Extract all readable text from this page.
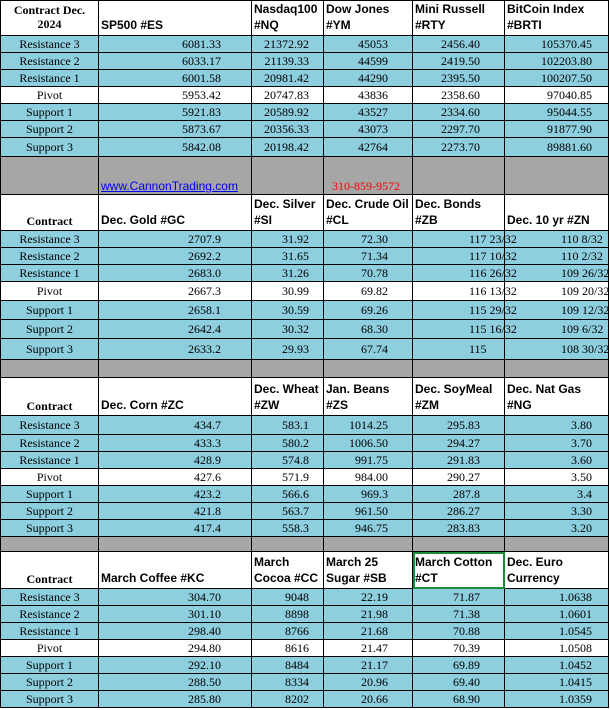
Contract Dec. 2024	SP500 #ES	Nasdaq100 #NQ	Dow Jones #YM	Mini Russell #RTY	BitCoin Index #BRTI
Resistance 3	6081.33	21372.92	45053	2456.40	105370.45
Resistance 2	6033.17	21139.33	44599	2419.50	102203.80
Resistance 1	6001.58	20981.42	44290	2395.50	100207.50
Pivot	5953.42	20747.83	43836	2358.60	97040.85
Support 1	5921.83	20589.92	43527	2334.60	95044.55
Support 2	5873.67	20356.33	43073	2297.70	91877.90
Support 3	5842.08	20198.42	42764	2273.70	89881.60
	www.CannonTrading.com		310-859-9572		
Contract	Dec. Gold #GC	Dec. Silver #SI	Dec. Crude Oil #CL	Dec. Bonds #ZB	Dec. 10 yr #ZN
Resistance 3	2707.9	31.92	72.30	117 23/32	110 8/32
Resistance 2	2692.2	31.65	71.34	117 10/32	110 2/32
Resistance 1	2683.0	31.26	70.78	116 26/32	109 26/32
Pivot	2667.3	30.99	69.82	116 13/32	109 20/32
Support 1	2658.1	30.59	69.26	115 29/32	109 12/32
Support 2	2642.4	30.32	68.30	115 16/32	109 6/32
Support 3	2633.2	29.93	67.74	115	108 30/32

Contract	Dec. Corn #ZC	Dec. Wheat #ZW	Jan. Beans #ZS	Dec. SoyMeal #ZM	Dec. Nat Gas #NG
Resistance 3	434.7	583.1	1014.25	295.83	3.80
Resistance 2	433.3	580.2	1006.50	294.27	3.70
Resistance 1	428.9	574.8	991.75	291.83	3.60
Pivot	427.6	571.9	984.00	290.27	3.50
Support 1	423.2	566.6	969.3	287.8	3.4
Support 2	421.8	563.7	961.50	286.27	3.30
Support 3	417.4	558.3	946.75	283.83	3.20

Contract	March Coffee #KC	March Cocoa #CC	March 25 Sugar #SB	March Cotton #CT	Dec. Euro Currency
Resistance 3	304.70	9048	22.19	71.87	1.0638
Resistance 2	301.10	8898	21.98	71.38	1.0601
Resistance 1	298.40	8766	21.68	70.88	1.0545
Pivot	294.80	8616	21.47	70.39	1.0508
Support 1	292.10	8484	21.17	69.89	1.0452
Support 2	288.50	8334	20.96	69.40	1.0415
Support 3	285.80	8202	20.66	68.90	1.0359
